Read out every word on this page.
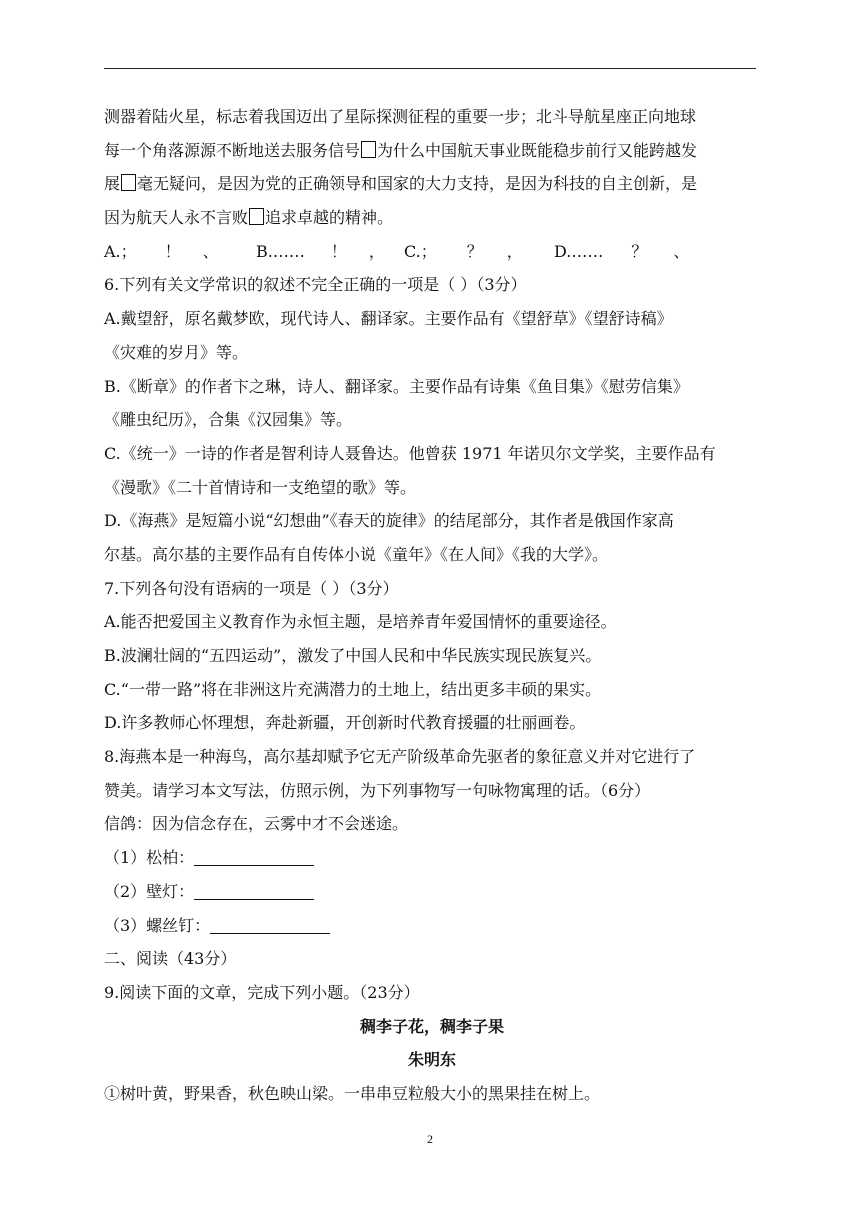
测器着陆火星，标志着我国迈出了星际探测征程的重要一步；北斗导航星座正向地球
每一个角落源源不断地送去服务信号 为什么中国航天事业既能稳步前行又能跨越发
展 毫无疑问，是因为党的正确领导和国家的大力支持，是因为科技的自主创新，是
因为航天人永不言败 追求卓越的精神。
A.； ！ 、	B.…… ！ ，	C.； ？ ，	D.…… ？ 、
6.下列有关文学常识的叙述不完全正确的一项是（ ）（3分）
A.戴望舒，原名戴梦欧，现代诗人、翻译家。主要作品有《望舒草》《望舒诗稿》
《灾难的岁月》等。
B.《断章》的作者卞之琳，诗人、翻译家。主要作品有诗集《鱼目集》《慰劳信集》
《雕虫纪历》，合集《汉园集》等。
C.《统一》一诗的作者是智利诗人聂鲁达。他曾获 1971 年诺贝尔文学奖，主要作品有
《漫歌》《二十首情诗和一支绝望的歌》等。
D.《海燕》是短篇小说“幻想曲”《春天的旋律》的结尾部分，其作者是俄国作家高
尔基。高尔基的主要作品有自传体小说《童年》《在人间》《我的大学》。
7.下列各句没有语病的一项是（ ）（3分）
A.能否把爱国主义教育作为永恒主题，是培养青年爱国情怀的重要途径。
B.波澜壮阔的“五四运动”，激发了中国人民和中华民族实现民族复兴。
C.“一带一路”将在非洲这片充满潜力的土地上，结出更多丰硕的果实。
D.许多教师心怀理想，奔赴新疆，开创新时代教育援疆的壮丽画卷。
8.海燕本是一种海鸟，高尔基却赋予它无产阶级革命先驱者的象征意义并对它进行了
赞美。请学习本文写法，仿照示例，为下列事物写一句咏物寓理的话。（6分）
信鸽：因为信念存在，云雾中才不会迷途。
（1）松柏：
（2）壁灯：
（3）螺丝钉：
二、阅读（43分）
9.阅读下面的文章，完成下列小题。（23分）
稠李子花，稠李子果
朱明东
①树叶黄，野果香，秋色映山梁。一串串豆粒般大小的黑果挂在树上。
2
